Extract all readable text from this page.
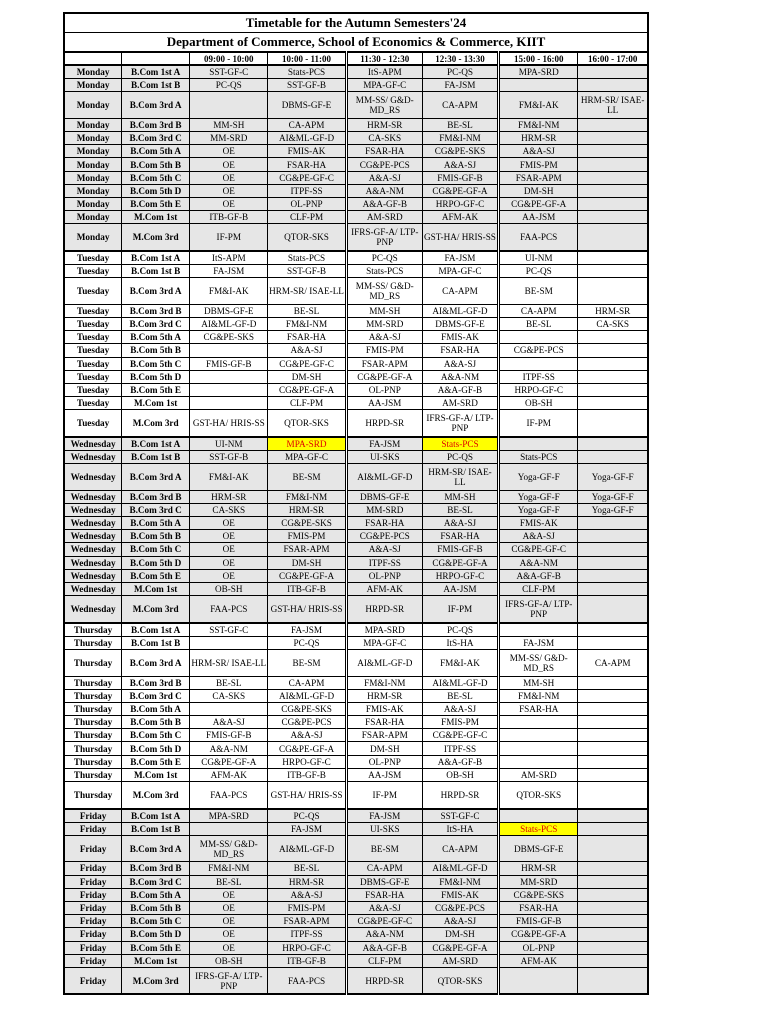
Timetable for the Autumn Semesters'24
Department of Commerce, School of Economics & Commerce, KIIT
		09:00 - 10:00	10:00 - 11:00	11:30 - 12:30	12:30 - 13:30	15:00 - 16:00	16:00 - 17:00
Monday	B.Com 1st A	SST-GF-C	Stats-PCS	ItS-APM	PC-QS	MPA-SRD	
Monday	B.Com 1st B	PC-QS	SST-GF-B	MPA-GF-C	FA-JSM		
Monday	B.Com 3rd A		DBMS-GF-E	MM-SS/ G&D-MD_RS	CA-APM	FM&I-AK	HRM-SR/ ISAE-LL
Monday	B.Com 3rd B	MM-SH	CA-APM	HRM-SR	BE-SL	FM&I-NM	
Monday	B.Com 3rd C	MM-SRD	AI&ML-GF-D	CA-SKS	FM&I-NM	HRM-SR	
Monday	B.Com 5th A	OE	FMIS-AK	FSAR-HA	CG&PE-SKS	A&A-SJ	
Monday	B.Com 5th B	OE	FSAR-HA	CG&PE-PCS	A&A-SJ	FMIS-PM	
Monday	B.Com 5th C	OE	CG&PE-GF-C	A&A-SJ	FMIS-GF-B	FSAR-APM	
Monday	B.Com 5th D	OE	ITPF-SS	A&A-NM	CG&PE-GF-A	DM-SH	
Monday	B.Com 5th E	OE	OL-PNP	A&A-GF-B	HRPO-GF-C	CG&PE-GF-A	
Monday	M.Com 1st	ITB-GF-B	CLF-PM	AM-SRD	AFM-AK	AA-JSM	
Monday	M.Com 3rd	IF-PM	QTOR-SKS	IFRS-GF-A/ LTP-PNP	GST-HA/ HRIS-SS	FAA-PCS	
Tuesday	B.Com 1st A	ItS-APM	Stats-PCS	PC-QS	FA-JSM	UI-NM	
Tuesday	B.Com 1st B	FA-JSM	SST-GF-B	Stats-PCS	MPA-GF-C	PC-QS	
Tuesday	B.Com 3rd A	FM&I-AK	HRM-SR/ ISAE-LL	MM-SS/ G&D-MD_RS	CA-APM	BE-SM	
Tuesday	B.Com 3rd B	DBMS-GF-E	BE-SL	MM-SH	AI&ML-GF-D	CA-APM	HRM-SR
Tuesday	B.Com 3rd C	AI&ML-GF-D	FM&I-NM	MM-SRD	DBMS-GF-E	BE-SL	CA-SKS
Tuesday	B.Com 5th A	CG&PE-SKS	FSAR-HA	A&A-SJ	FMIS-AK		
Tuesday	B.Com 5th B		A&A-SJ	FMIS-PM	FSAR-HA	CG&PE-PCS	
Tuesday	B.Com 5th C	FMIS-GF-B	CG&PE-GF-C	FSAR-APM	A&A-SJ		
Tuesday	B.Com 5th D		DM-SH	CG&PE-GF-A	A&A-NM	ITPF-SS	
Tuesday	B.Com 5th E		CG&PE-GF-A	OL-PNP	A&A-GF-B	HRPO-GF-C	
Tuesday	M.Com 1st		CLF-PM	AA-JSM	AM-SRD	OB-SH	
Tuesday	M.Com 3rd	GST-HA/ HRIS-SS	QTOR-SKS	HRPD-SR	IFRS-GF-A/ LTP-PNP	IF-PM	
Wednesday	B.Com 1st A	UI-NM	MPA-SRD	FA-JSM	Stats-PCS		
Wednesday	B.Com 1st B	SST-GF-B	MPA-GF-C	UI-SKS	PC-QS	Stats-PCS	
Wednesday	B.Com 3rd A	FM&I-AK	BE-SM	AI&ML-GF-D	HRM-SR/ ISAE-LL	Yoga-GF-F	Yoga-GF-F
Wednesday	B.Com 3rd B	HRM-SR	FM&I-NM	DBMS-GF-E	MM-SH	Yoga-GF-F	Yoga-GF-F
Wednesday	B.Com 3rd C	CA-SKS	HRM-SR	MM-SRD	BE-SL	Yoga-GF-F	Yoga-GF-F
Wednesday	B.Com 5th A	OE	CG&PE-SKS	FSAR-HA	A&A-SJ	FMIS-AK	
Wednesday	B.Com 5th B	OE	FMIS-PM	CG&PE-PCS	FSAR-HA	A&A-SJ	
Wednesday	B.Com 5th C	OE	FSAR-APM	A&A-SJ	FMIS-GF-B	CG&PE-GF-C	
Wednesday	B.Com 5th D	OE	DM-SH	ITPF-SS	CG&PE-GF-A	A&A-NM	
Wednesday	B.Com 5th E	OE	CG&PE-GF-A	OL-PNP	HRPO-GF-C	A&A-GF-B	
Wednesday	M.Com 1st	OB-SH	ITB-GF-B	AFM-AK	AA-JSM	CLF-PM	
Wednesday	M.Com 3rd	FAA-PCS	GST-HA/ HRIS-SS	HRPD-SR	IF-PM	IFRS-GF-A/ LTP-PNP	
Thursday	B.Com 1st A	SST-GF-C	FA-JSM	MPA-SRD	PC-QS		
Thursday	B.Com 1st B		PC-QS	MPA-GF-C	ItS-HA	FA-JSM	
Thursday	B.Com 3rd A	HRM-SR/ ISAE-LL	BE-SM	AI&ML-GF-D	FM&I-AK	MM-SS/ G&D-MD_RS	CA-APM
Thursday	B.Com 3rd B	BE-SL	CA-APM	FM&I-NM	AI&ML-GF-D	MM-SH	
Thursday	B.Com 3rd C	CA-SKS	AI&ML-GF-D	HRM-SR	BE-SL	FM&I-NM	
Thursday	B.Com 5th A		CG&PE-SKS	FMIS-AK	A&A-SJ	FSAR-HA	
Thursday	B.Com 5th B	A&A-SJ	CG&PE-PCS	FSAR-HA	FMIS-PM		
Thursday	B.Com 5th C	FMIS-GF-B	A&A-SJ	FSAR-APM	CG&PE-GF-C		
Thursday	B.Com 5th D	A&A-NM	CG&PE-GF-A	DM-SH	ITPF-SS		
Thursday	B.Com 5th E	CG&PE-GF-A	HRPO-GF-C	OL-PNP	A&A-GF-B		
Thursday	M.Com 1st	AFM-AK	ITB-GF-B	AA-JSM	OB-SH	AM-SRD	
Thursday	M.Com 3rd	FAA-PCS	GST-HA/ HRIS-SS	IF-PM	HRPD-SR	QTOR-SKS	
Friday	B.Com 1st A	MPA-SRD	PC-QS	FA-JSM	SST-GF-C		
Friday	B.Com 1st B		FA-JSM	UI-SKS	ItS-HA	Stats-PCS	
Friday	B.Com 3rd A	MM-SS/ G&D-MD_RS	AI&ML-GF-D	BE-SM	CA-APM	DBMS-GF-E	
Friday	B.Com 3rd B	FM&I-NM	BE-SL	CA-APM	AI&ML-GF-D	HRM-SR	
Friday	B.Com 3rd C	BE-SL	HRM-SR	DBMS-GF-E	FM&I-NM	MM-SRD	
Friday	B.Com 5th A	OE	A&A-SJ	FSAR-HA	FMIS-AK	CG&PE-SKS	
Friday	B.Com 5th B	OE	FMIS-PM	A&A-SJ	CG&PE-PCS	FSAR-HA	
Friday	B.Com 5th C	OE	FSAR-APM	CG&PE-GF-C	A&A-SJ	FMIS-GF-B	
Friday	B.Com 5th D	OE	ITPF-SS	A&A-NM	DM-SH	CG&PE-GF-A	
Friday	B.Com 5th E	OE	HRPO-GF-C	A&A-GF-B	CG&PE-GF-A	OL-PNP	
Friday	M.Com 1st	OB-SH	ITB-GF-B	CLF-PM	AM-SRD	AFM-AK	
Friday	M.Com 3rd	IFRS-GF-A/ LTP-PNP	FAA-PCS	HRPD-SR	QTOR-SKS		
